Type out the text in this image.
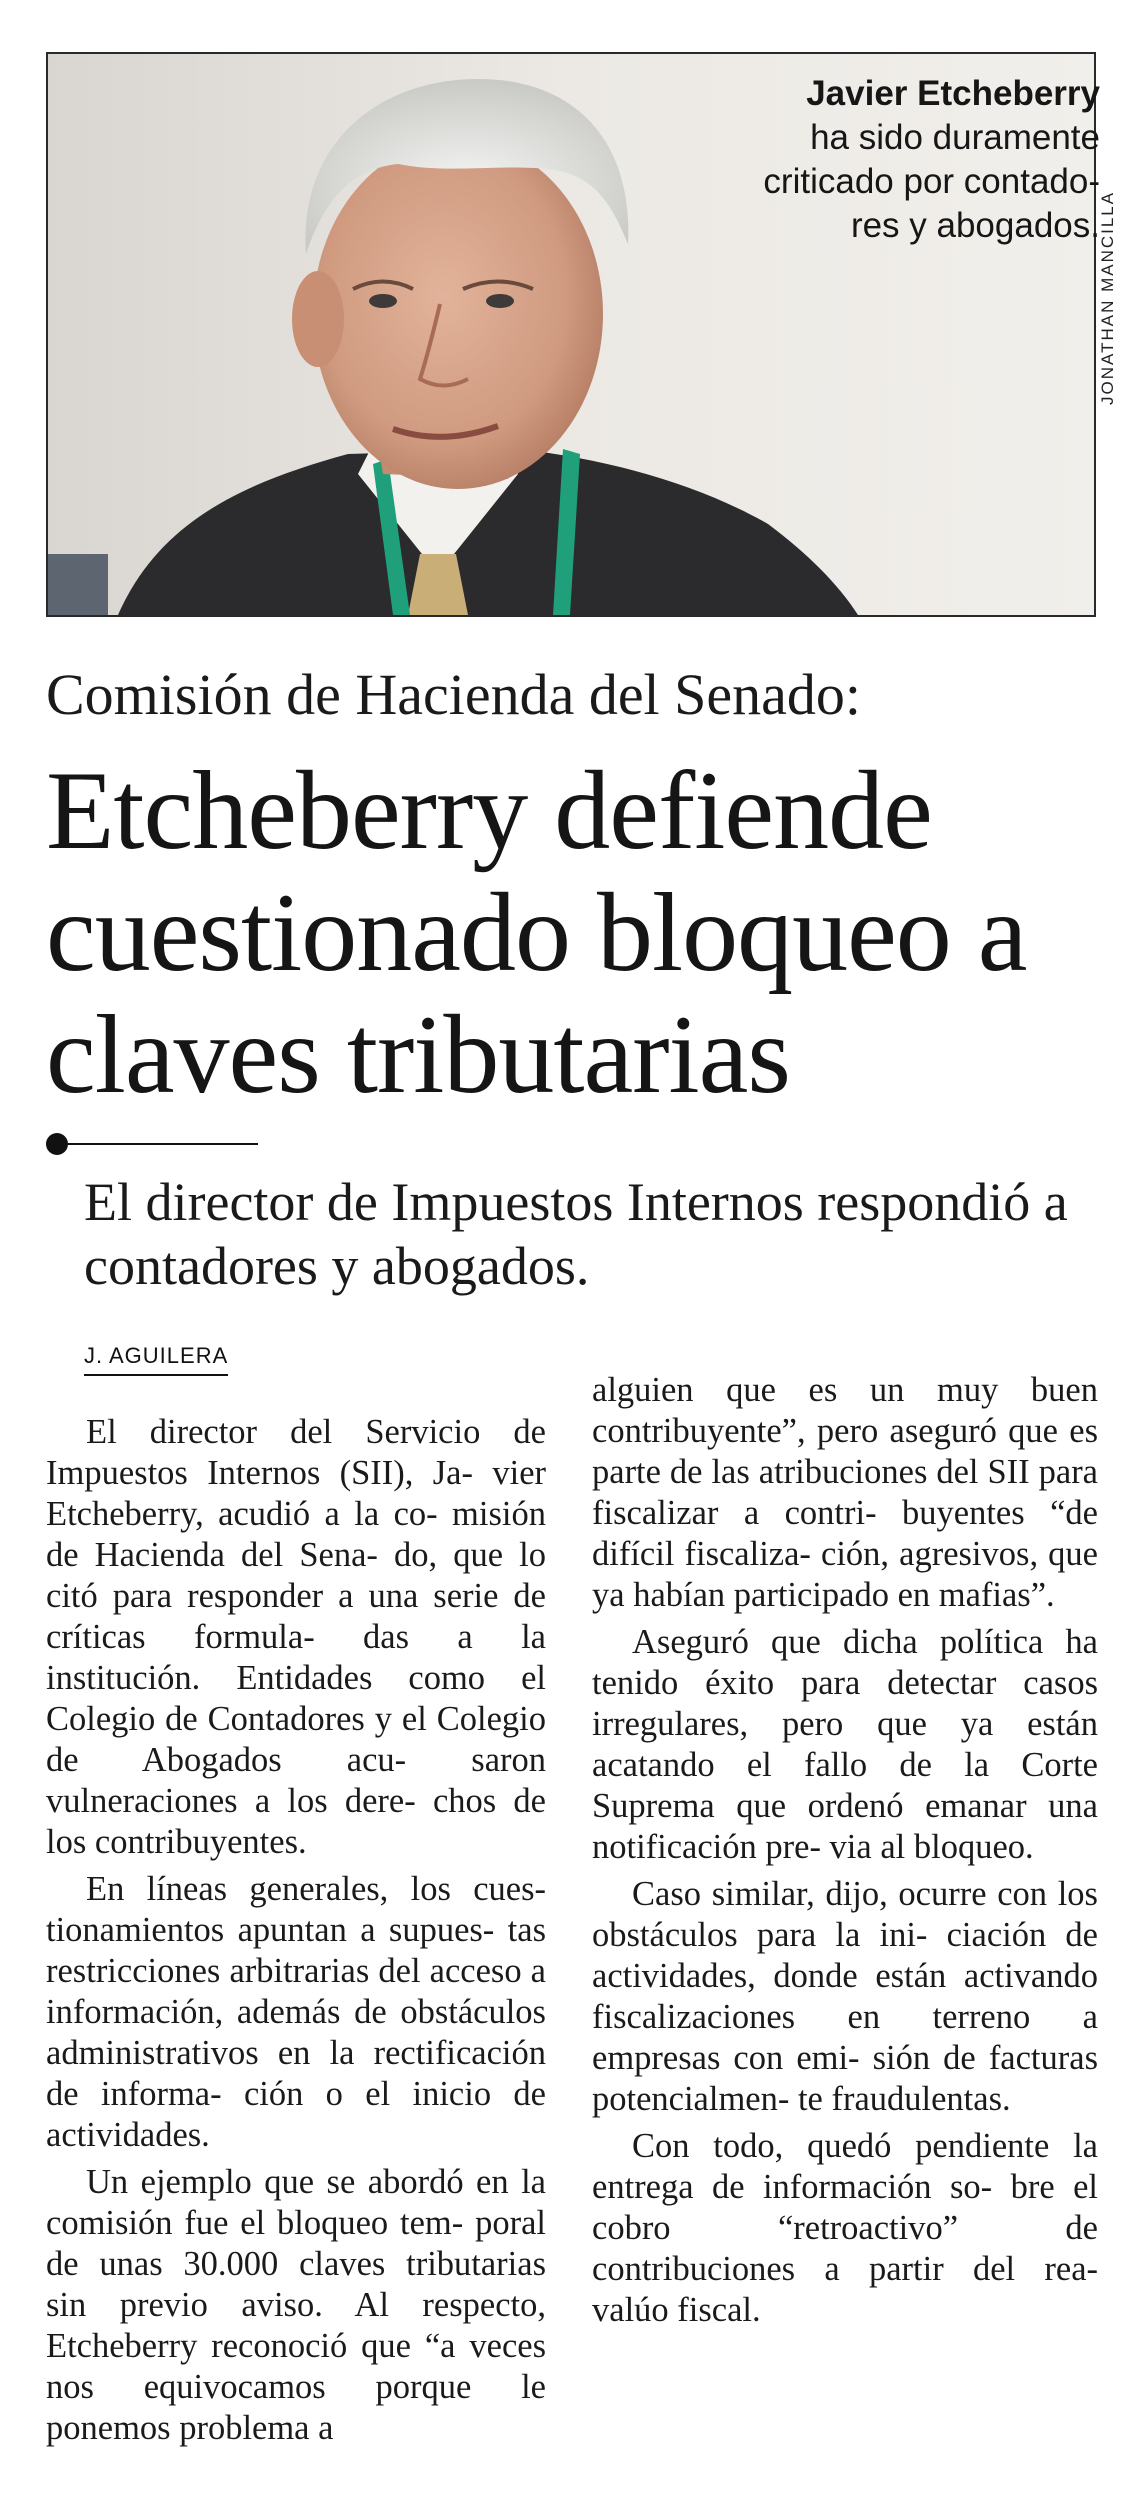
Javier Etcheberry
ha sido duramente criticado por contado- res y abogados.
JONATHAN MANCILLA
Comisión de Hacienda del Senado:
Etcheberry defiende cuestionado bloqueo a claves tributarias
El director de Impuestos Internos respondió a contadores y abogados.
J. AGUILERA

El director del Servicio de Impuestos Internos (SII), Ja- vier Etcheberry, acudió a la co- misión de Hacienda del Sena- do, que lo citó para responder a una serie de críticas formula- das a la institución. Entidades como el Colegio de Contadores y el Colegio de Abogados acu- saron vulneraciones a los dere- chos de los contribuyentes.

En líneas generales, los cues- tionamientos apuntan a supues- tas restricciones arbitrarias del acceso a información, además de obstáculos administrativos en la rectificación de informa- ción o el inicio de actividades.

Un ejemplo que se abordó en la comisión fue el bloqueo tem- poral de unas 30.000 claves tributarias sin previo aviso. Al respecto, Etcheberry reconoció que “a veces nos equivocamos porque le ponemos problema a

alguien que es un muy buen contribuyente”, pero aseguró que es parte de las atribuciones del SII para fiscalizar a contri- buyentes “de difícil fiscaliza- ción, agresivos, que ya habían participado en mafias”.

Aseguró que dicha política ha tenido éxito para detectar casos irregulares, pero que ya están acatando el fallo de la Corte Suprema que ordenó emanar una notificación pre- via al bloqueo.

Caso similar, dijo, ocurre con los obstáculos para la ini- ciación de actividades, donde están activando fiscalizaciones en terreno a empresas con emi- sión de facturas potencialmen- te fraudulentas.

Con todo, quedó pendiente la entrega de información so- bre el cobro “retroactivo” de contribuciones a partir del rea- valúo fiscal.
